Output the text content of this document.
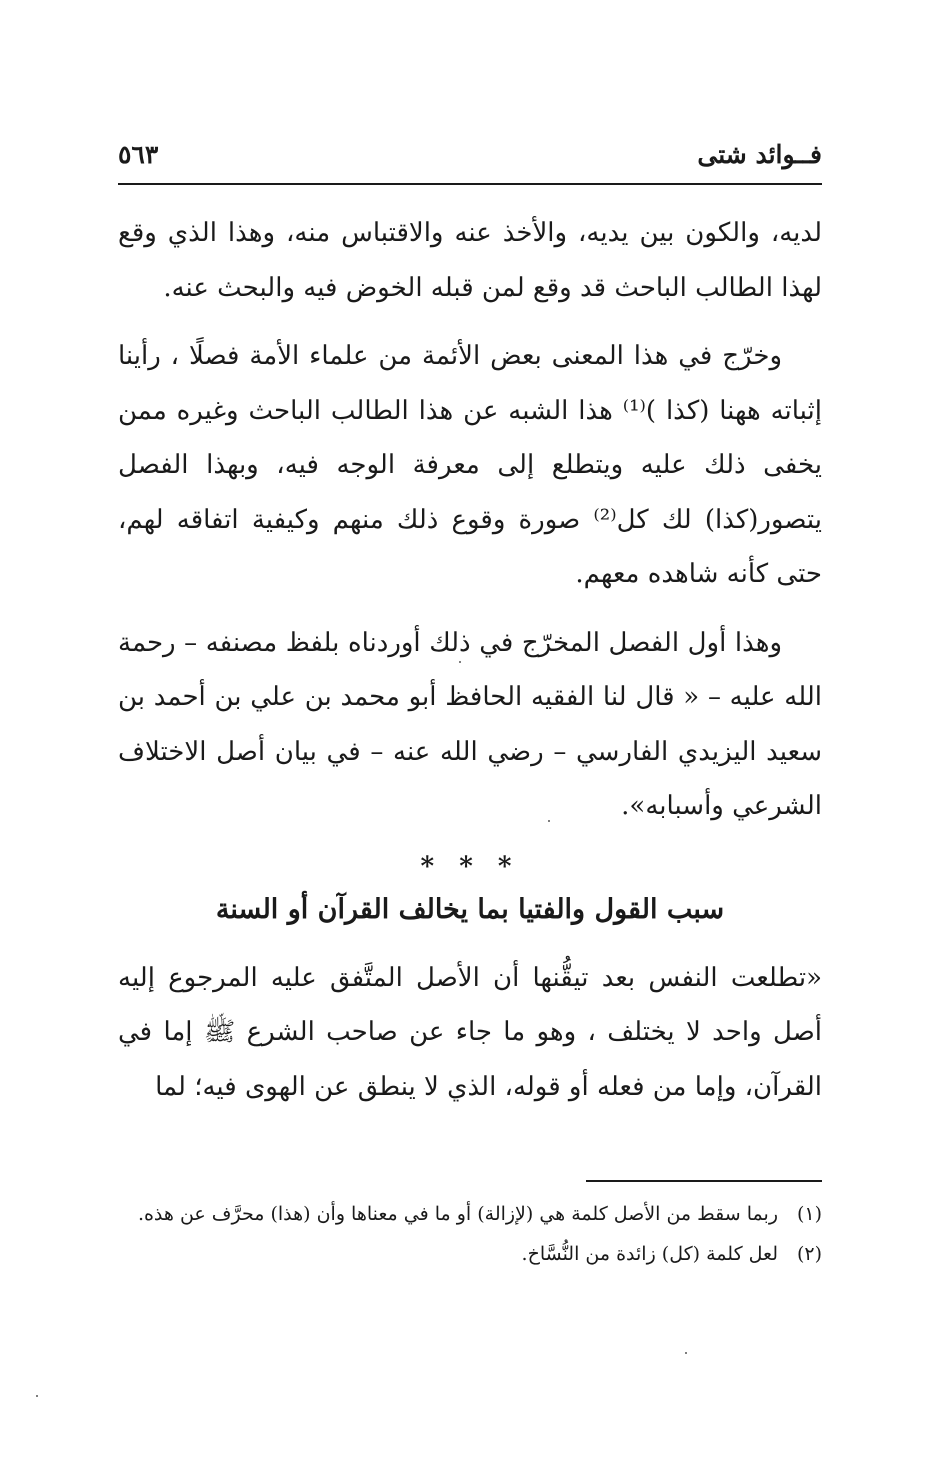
فــوائد شتى
٥٦٣

لديه، والكون بين يديه، والأخذ عنه والاقتباس منه، وهذا الذي وقع لهذا الطالب الباحث قد وقع لمن قبله الخوض فيه والبحث عنه.

وخرّج في هذا المعنى بعض الأئمة من علماء الأمة فصلًا ، رأينا إثباته ههنا (كذا )⁽¹⁾ هذا الشبه عن هذا الطالب الباحث وغيره ممن يخفى ذلك عليه ويتطلع إلى معرفة الوجه فيه، وبهذا الفصل يتصور(كذا) لك كل⁽²⁾ صورة وقوع ذلك منهم وكيفية اتفاقه لهم، حتى كأنه شاهده معهم.

وهذا أول الفصل المخرّج في ذلك أوردناه بلفظ مصنفه – رحمة الله عليه – « قال لنا الفقيه الحافظ أبو محمد بن علي بن أحمد بن سعيد اليزيدي الفارسي – رضي الله عنه – في بيان أصل الاختلاف الشرعي وأسبابه».

* * *
سبب القول والفتيا بما يخالف القرآن أو السنة

«تطلعت النفس بعد تيقُّنها أن الأصل المتَّفق عليه المرجوع إليه أصل واحد لا يختلف ، وهو ما جاء عن صاحب الشرع ﷺ إما في القرآن، وإما من فعله أو قوله، الذي لا ينطق عن الهوى فيه؛ لما

(١)
ربما سقط من الأصل كلمة هي (لإزالة) أو ما في معناها وأن (هذا) محرَّف عن هذه.
(٢)
لعل كلمة (كل) زائدة من النُّسَّاخ.
